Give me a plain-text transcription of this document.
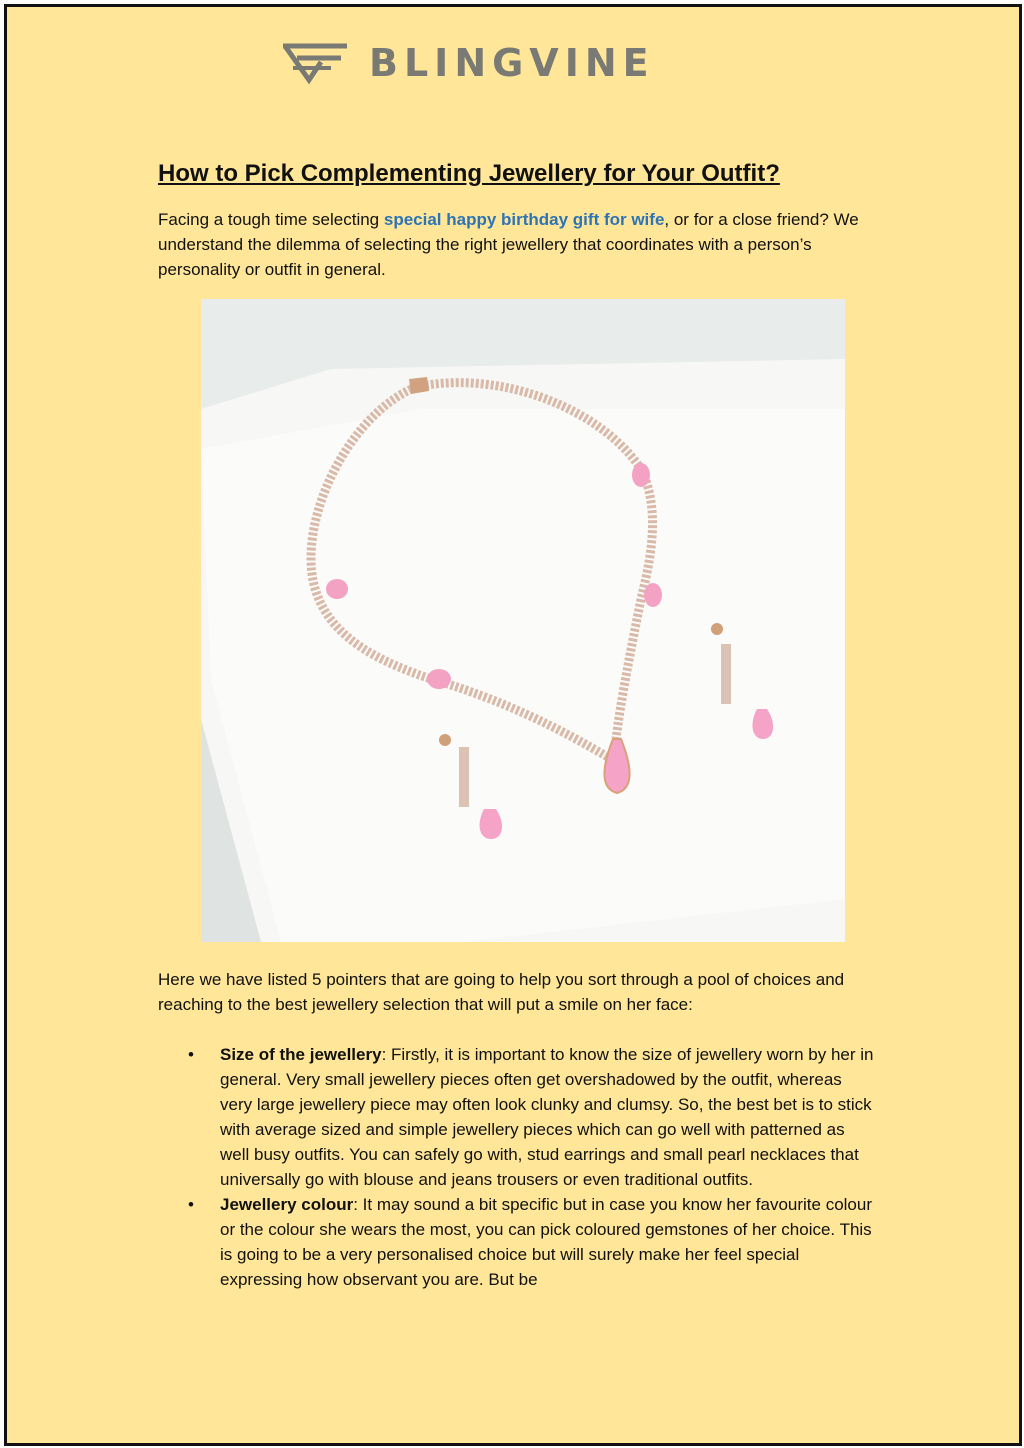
BLINGVINE
How to Pick Complementing Jewellery for Your Outfit?

Facing a tough time selecting special happy birthday gift for wife, or for a close friend? We understand the dilemma of selecting the right jewellery that coordinates with a person’s personality or outfit in general.

Here we have listed 5 pointers that are going to help you sort through a pool of choices and reaching to the best jewellery selection that will put a smile on her face:

• Size of the jewellery: Firstly, it is important to know the size of jewellery worn by her in general. Very small jewellery pieces often get overshadowed by the outfit, whereas very large jewellery piece may often look clunky and clumsy. So, the best bet is to stick with average sized and simple jewellery pieces which can go well with patterned as well busy outfits. You can safely go with, stud earrings and small pearl necklaces that universally go with blouse and jeans trousers or even traditional outfits.
• Jewellery colour: It may sound a bit specific but in case you know her favourite colour or the colour she wears the most, you can pick coloured gemstones of her choice. This is going to be a very personalised choice but will surely make her feel special expressing how observant you are. But be
